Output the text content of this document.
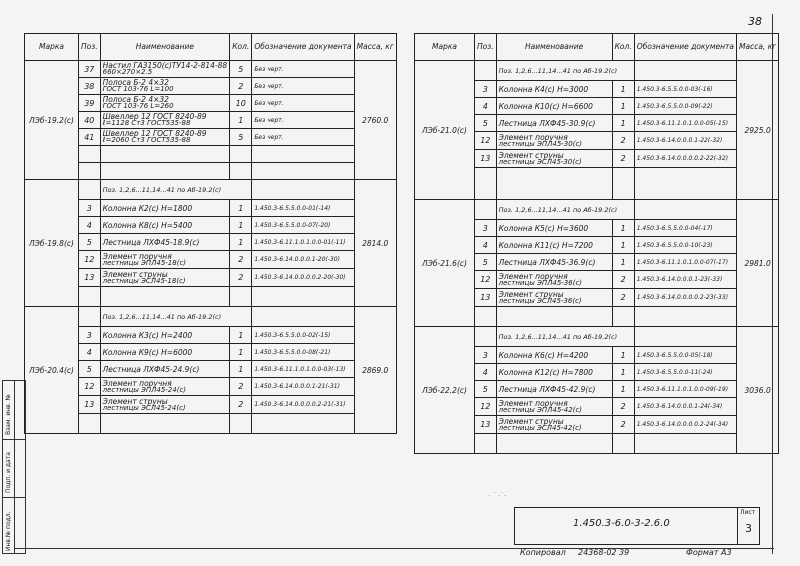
38
Марка	Поз.	Наименование	Кол.	Обозначение документа	Масса, кг
ЛЭб-19.2(с)	37	Настил ГА3150(с)ТУ14-2-814-88
660×270×2.5	5	Без черт.	2760.0
	38	Полоса Б-2 4×32
ГОСТ 103-76 L=100	2	Без черт.	
	39	Полоса Б-2 4×32
ГОСТ 103-76 L=260	10	Без черт.	
	40	Швеллер 12 ГОСТ 8240-89
ℓ=1128 Ст3 ГОСТ535-88	1	Без черт.	
	41	Швеллер 12 ГОСТ 8240-89
ℓ=2060 Ст3 ГОСТ535-88	5	Без черт.	

ЛЭб-19.8(с)		Поз. 1,2,6...11,14...41 по Аб-19.2(с)			2814.0
	3	Колонна К2(с) Н=1800	1	1.450.3-6.5.5.0.0-01(-14)	
	4	Колонна К8(с) Н=5400	1	1.450.3-6.5.5.0.0-07(-20)	
	5	Лестница ЛХФ45-18.9(с)	1	1.450.3-6.11.1.0.1.0.0-01(-11)	
	12	Элемент поручня
лестницы ЭПЛ45-18(с)	2	1.450.3-6.14.0.0.0.1-20(-30)	
	13	Элемент струны
лестницы ЭСЛ45-18(с)	2	1.450.3-6.14.0.0.0.0.2-20(-30)	

ЛЭб-20.4(с)		Поз. 1,2,6...11,14...41 по Аб-19.2(с)			2869.0
	3	Колонна К3(с) Н=2400	1	1.450.3-6.5.5.0.0-02(-15)	
	4	Колонна К9(с) Н=6000	1	1.450.3-6.5.5.0.0-08(-21)	
	5	Лестница ЛХФ45-24.9(с)	1	1.450.3-6.11.1.0.1.0.0-03(-13)	
	12	Элемент поручня
лестницы ЭПЛ45-24(с)	2	1.450.3-6.14.0.0.0.1-21(-31)	
	13	Элемент струны
лестницы ЭСЛ45-24(с)	2	1.450.3-6.14.0.0.0.0.2-21(-31)	

Марка	Поз.	Наименование	Кол.	Обозначение документа	Масса, кг
ЛЭб-21.0(с)		Поз. 1,2,6...11,14...41 по Аб-19.2(с)			2925.0
	3	Колонна К4(с) Н=3000	1	1.450.3-6.5.5.0.0-03(-16)	
	4	Колонна К10(с) Н=6600	1	1.450.3-6.5.5.0.0-09(-22)	
	5	Лестница ЛХФ45-30.9(с)	1	1.450.3-6.11.1.0.1.0.0-05(-15)	
	12	Элемент поручня
лестницы ЭПЛ45-30(с)	2	1.450.3-6.14.0.0.0.1-22(-32)	
	13	Элемент струны
лестницы ЭСЛ45-30(с)	2	1.450.3-6.14.0.0.0.0.2-22(-32)	

ЛЭб-21.6(с)		Поз. 1,2,6...11,14...41 по Аб-19.2(с)			2981.0
	3	Колонна К5(с) Н=3600	1	1.450.3-6.5.5.0.0-04(-17)	
	4	Колонна К11(с) Н=7200	1	1.450.3-6.5.5.0.0-10(-23)	
	5	Лестница ЛХФ45-36.9(с)	1	1.450.3-6.11.1.0.1.0.0-07(-17)	
	12	Элемент поручня
лестницы ЭПЛ45-36(с)	2	1.450.3-6.14.0.0.0.1-23(-33)	
	13	Элемент струны
лестницы ЭСЛ45-36(с)	2	1.450.3-6.14.0.0.0.0.2-23(-33)	

ЛЭб-22.2(с)		Поз. 1,2,6...11,14...41 по Аб-19.2(с)			3036.0
	3	Колонна К6(с) Н=4200	1	1.450.3-6.5.5.0.0-05(-18)	
	4	Колонна К12(с) Н=7800	1	1.450.3-6.5.5.0.0-11(-24)	
	5	Лестница ЛХФ45-42.9(с)	1	1.450.3-6.11.1.0.1.0.0-09(-19)	
	12	Элемент поручня
лестницы ЭПЛ45-42(с)	2	1.450.3-6.14.0.0.0.1-24(-34)	
	13	Элемент струны
лестницы ЭСЛ45-42(с)	2	1.450.3-6.14.0.0.0.0.2-24(-34)	

· ˙ ·˙·
1.450.3-6.0-3-2.6.0
Лист
3
Копировал 24368-02 39	Формат А3
Инв.№ подл.
Подп. и дата
Взам. инв. №
